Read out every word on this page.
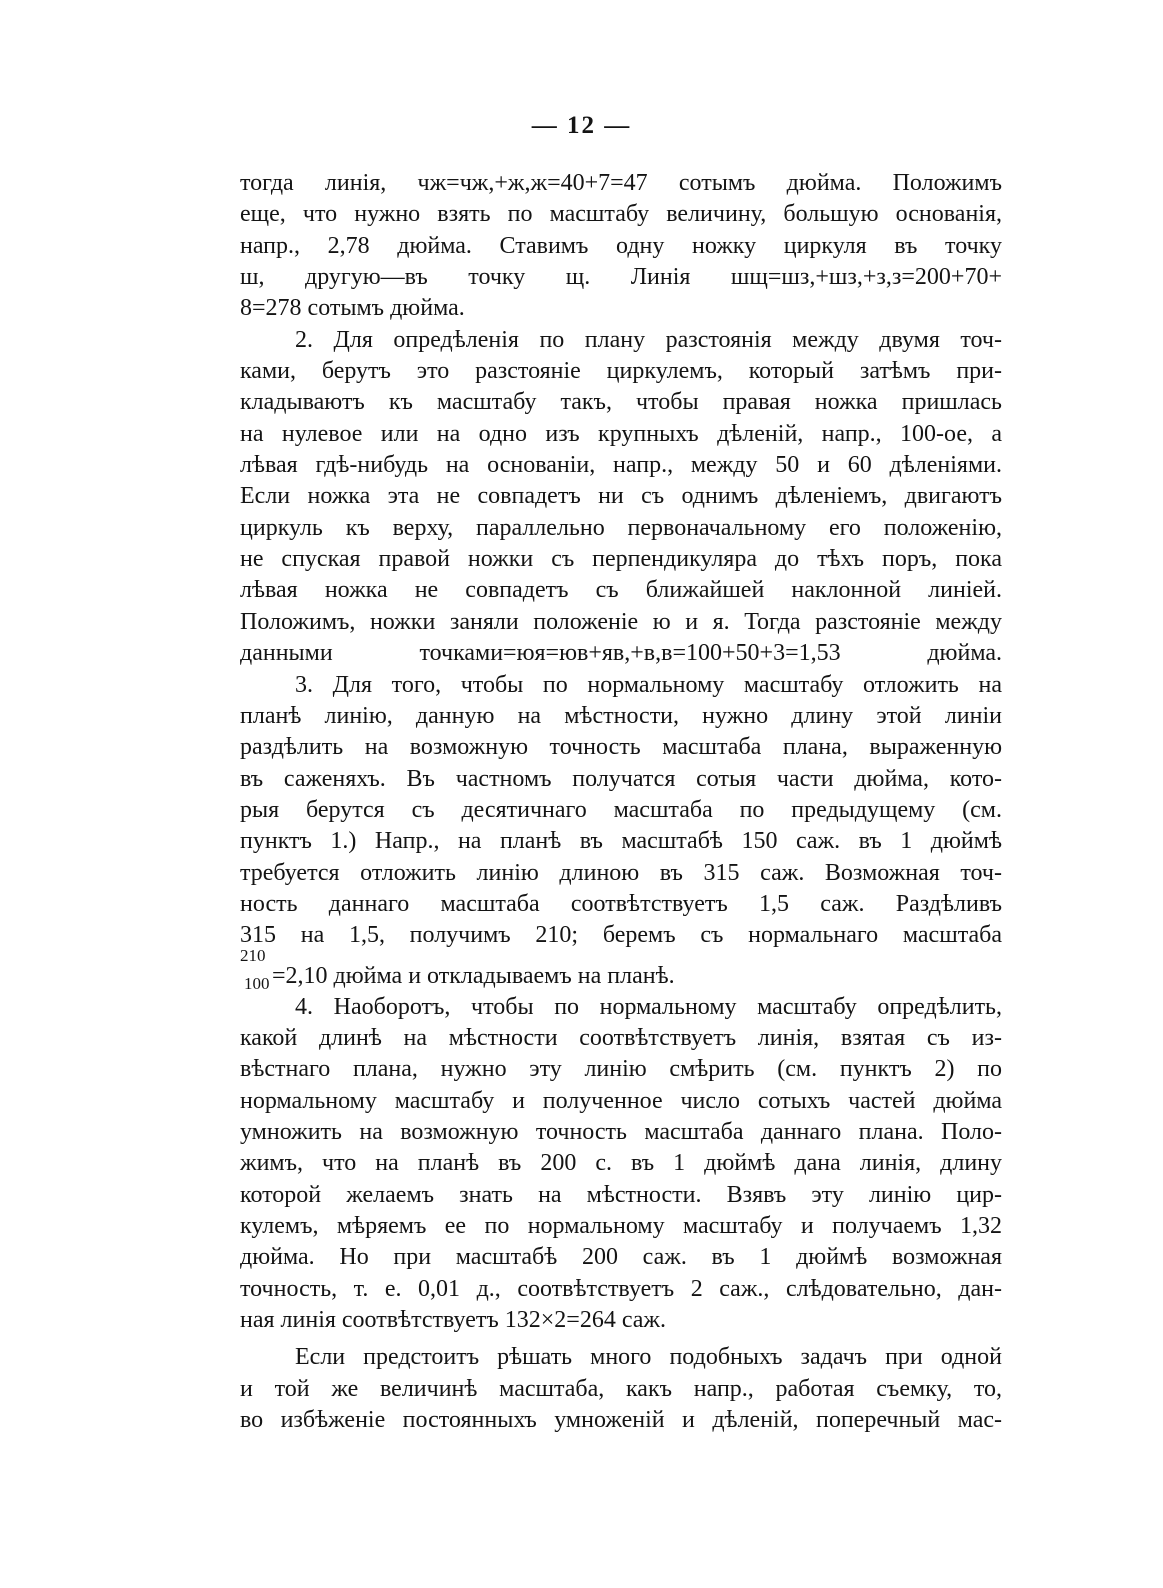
— 12 —
тогда линія, чж=чж,+ж,ж=40+7=47 сотымъ дюйма. Положимъ
еще, что нужно взять по масштабу величину, большую основанія,
напр., 2,78 дюйма. Ставимъ одну ножку циркуля въ точку
ш, другую—въ точку щ. Линія шщ=шз,+шз,+з,з=200+70+
8=278 сотымъ дюйма.
2. Для опредѣленія по плану разстоянія между двумя точ-
ками, берутъ это разстояніе циркулемъ, который затѣмъ при-
кладываютъ къ масштабу такъ, чтобы правая ножка пришлась
на нулевое или на одно изъ крупныхъ дѣленій, напр., 100-ое, а
лѣвая гдѣ-нибудь на основаніи, напр., между 50 и 60 дѣленіями.
Если ножка эта не совпадетъ ни съ однимъ дѣленіемъ, двигаютъ
циркуль къ верху, параллельно первоначальному его положенію,
не спуская правой ножки съ перпендикуляра до тѣхъ поръ, пока
лѣвая ножка не совпадетъ съ ближайшей наклонной линіей.
Положимъ, ножки заняли положеніе ю и я. Тогда разстояніе между
данными точками=юя=юв+яв,+в,в=100+50+3=1,53 дюйма.
3. Для того, чтобы по нормальному масштабу отложить на
планѣ линію, данную на мѣстности, нужно длину этой линіи
раздѣлить на возможную точность масштаба плана, выраженную
въ саженяхъ. Въ частномъ получатся сотыя части дюйма, кото-
рыя берутся съ десятичнаго масштаба по предыдущему (см.
пунктъ 1.) Напр., на планѣ въ масштабѣ 150 саж. въ 1 дюймѣ
требуется отложить линію длиною въ 315 саж. Возможная точ-
ность даннаго масштаба соотвѣтствуетъ 1,5 саж. Раздѣливъ
315 на 1,5, получимъ 210; беремъ съ нормальнаго масштаба
210
100 =2,10 дюйма и откладываемъ на планѣ.
4. Наоборотъ, чтобы по нормальному масштабу опредѣлить,
какой длинѣ на мѣстности соотвѣтствуетъ линія, взятая съ из-
вѣстнаго плана, нужно эту линію смѣрить (см. пунктъ 2) по
нормальному масштабу и полученное число сотыхъ частей дюйма
умножить на возможную точность масштаба даннаго плана. Поло-
жимъ, что на планѣ въ 200 с. въ 1 дюймѣ дана линія, длину
которой желаемъ знать на мѣстности. Взявъ эту линію цир-
кулемъ, мѣряемъ ее по нормальному масштабу и получаемъ 1,32
дюйма. Но при масштабѣ 200 саж. въ 1 дюймѣ возможная
точность, т. е. 0,01 д., соотвѣтствуетъ 2 саж., слѣдовательно, дан-
ная линія соотвѣтствуетъ 132×2=264 саж.
Если предстоитъ рѣшать много подобныхъ задачъ при одной
и той же величинѣ масштаба, какъ напр., работая съемку, то,
во избѣженіе постоянныхъ умноженій и дѣленій, поперечный мас-
